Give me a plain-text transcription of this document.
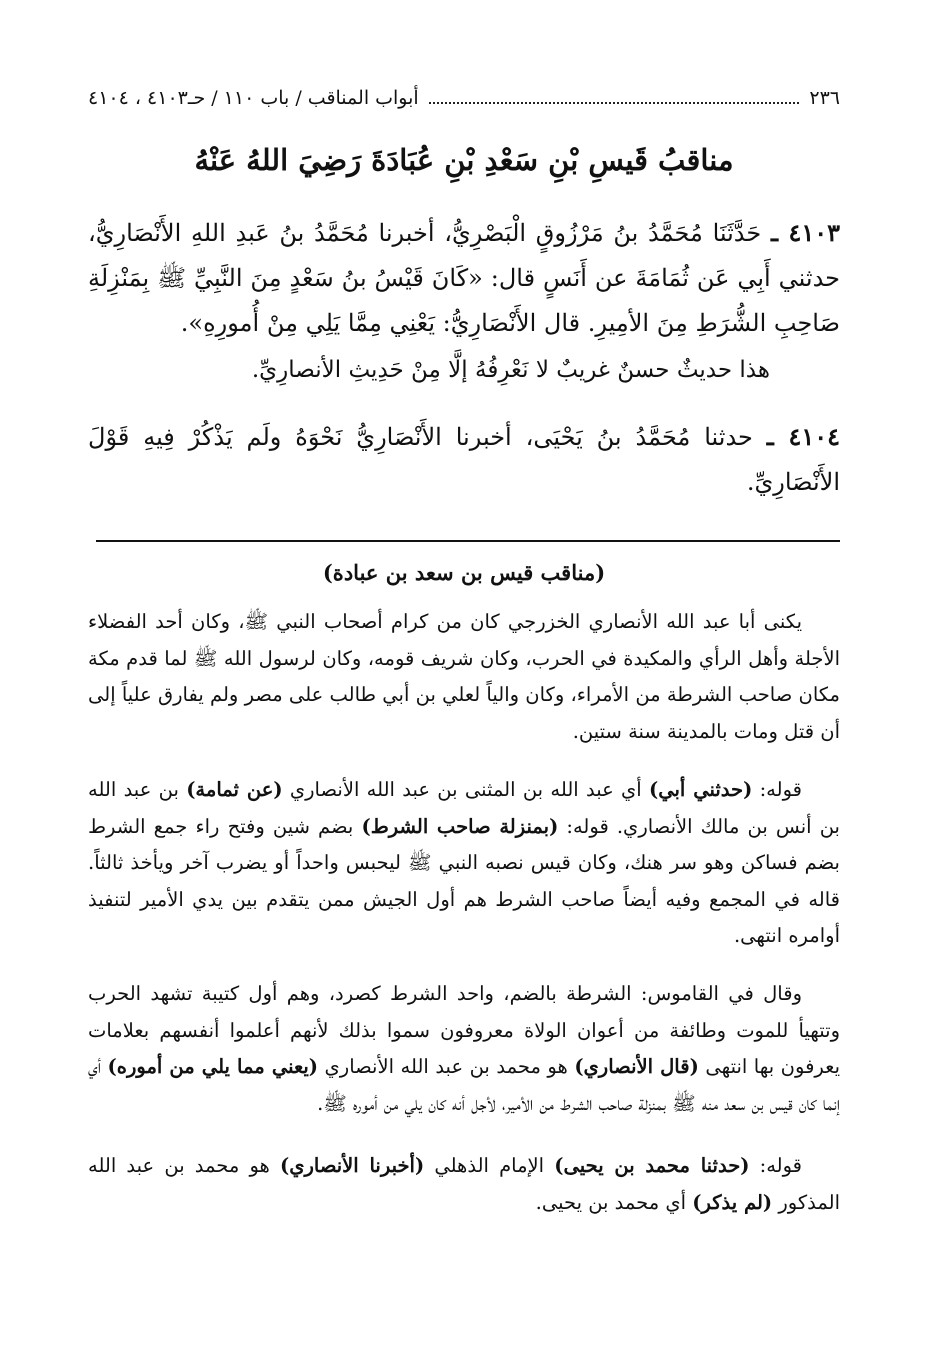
٢٣٦
أبواب المناقب / باب ١١٠ / حـ٤١٠٣ ، ٤١٠٤
مناقبُ قَيسِ بْنِ سَعْدِ بْنِ عُبَادَةَ رَضِيَ اللهُ عَنْهُ
٤١٠٣ ـ حَدَّثَنَا مُحَمَّدُ بنُ مَرْزُوقٍ الْبَصْرِيُّ، أخبرنا مُحَمَّدُ بنُ عَبدِ اللهِ الأَنْصَارِيُّ، حدثني أَبِي عَن ثُمَامَةَ عن أَنَسٍ قال: «كَانَ قَيْسُ بنُ سَعْدٍ مِنَ النَّبِيِّ ﷺ بِمَنْزِلَةِ صَاحِبِ الشُّرَطِ مِنَ الأمِيرِ. قال الأَنْصَارِيُّ: يَعْنِي مِمَّا يَلِي مِنْ أُمورِهِ».
هذا حديثٌ حسنٌ غريبٌ لا نَعْرِفُهُ إلَّا مِنْ حَدِيثِ الأنصارِيِّ.
٤١٠٤ ـ حدثنا مُحَمَّدُ بنُ يَحْيَى، أخبرنا الأَنْصَارِيُّ نَحْوَهُ ولَم يَذْكُرْ فِيهِ قَوْلَ الأَنْصَارِيِّ.
(مناقب قيس بن سعد بن عبادة)

يكنى أبا عبد الله الأنصاري الخزرجي كان من كرام أصحاب النبي ﷺ، وكان أحد الفضلاء الأجلة وأهل الرأي والمكيدة في الحرب، وكان شريف قومه، وكان لرسول الله ﷺ لما قدم مكة مكان صاحب الشرطة من الأمراء، وكان والياً لعلي بن أبي طالب على مصر ولم يفارق علياً إلى أن قتل ومات بالمدينة سنة ستين.

قوله: (حدثني أبي) أي عبد الله بن المثنى بن عبد الله الأنصاري (عن ثمامة) بن عبد الله بن أنس بن مالك الأنصاري. قوله: (بمنزلة صاحب الشرط) بضم شين وفتح راء جمع الشرط بضم فساكن وهو سر هنك، وكان قيس نصبه النبي ﷺ ليحبس واحداً أو يضرب آخر ويأخذ ثالثاً. قاله في المجمع وفيه أيضاً صاحب الشرط هم أول الجيش ممن يتقدم بين يدي الأمير لتنفيذ أوامره انتهى.

وقال في القاموس: الشرطة بالضم، واحد الشرط كصرد، وهم أول كتيبة تشهد الحرب وتتهيأ للموت وطائفة من أعوان الولاة معروفون سموا بذلك لأنهم أعلموا أنفسهم بعلامات يعرفون بها انتهى (قال الأنصاري) هو محمد بن عبد الله الأنصاري (يعني مما يلي من أموره) أي إنما كان قيس بن سعد منه ﷺ بمنزلة صاحب الشرط من الأمير، لأجل أنه كان يلي من أموره ﷺ.

قوله: (حدثنا محمد بن يحيى) الإمام الذهلي (أخبرنا الأنصاري) هو محمد بن عبد الله المذكور (لم يذكر) أي محمد بن يحيى.
